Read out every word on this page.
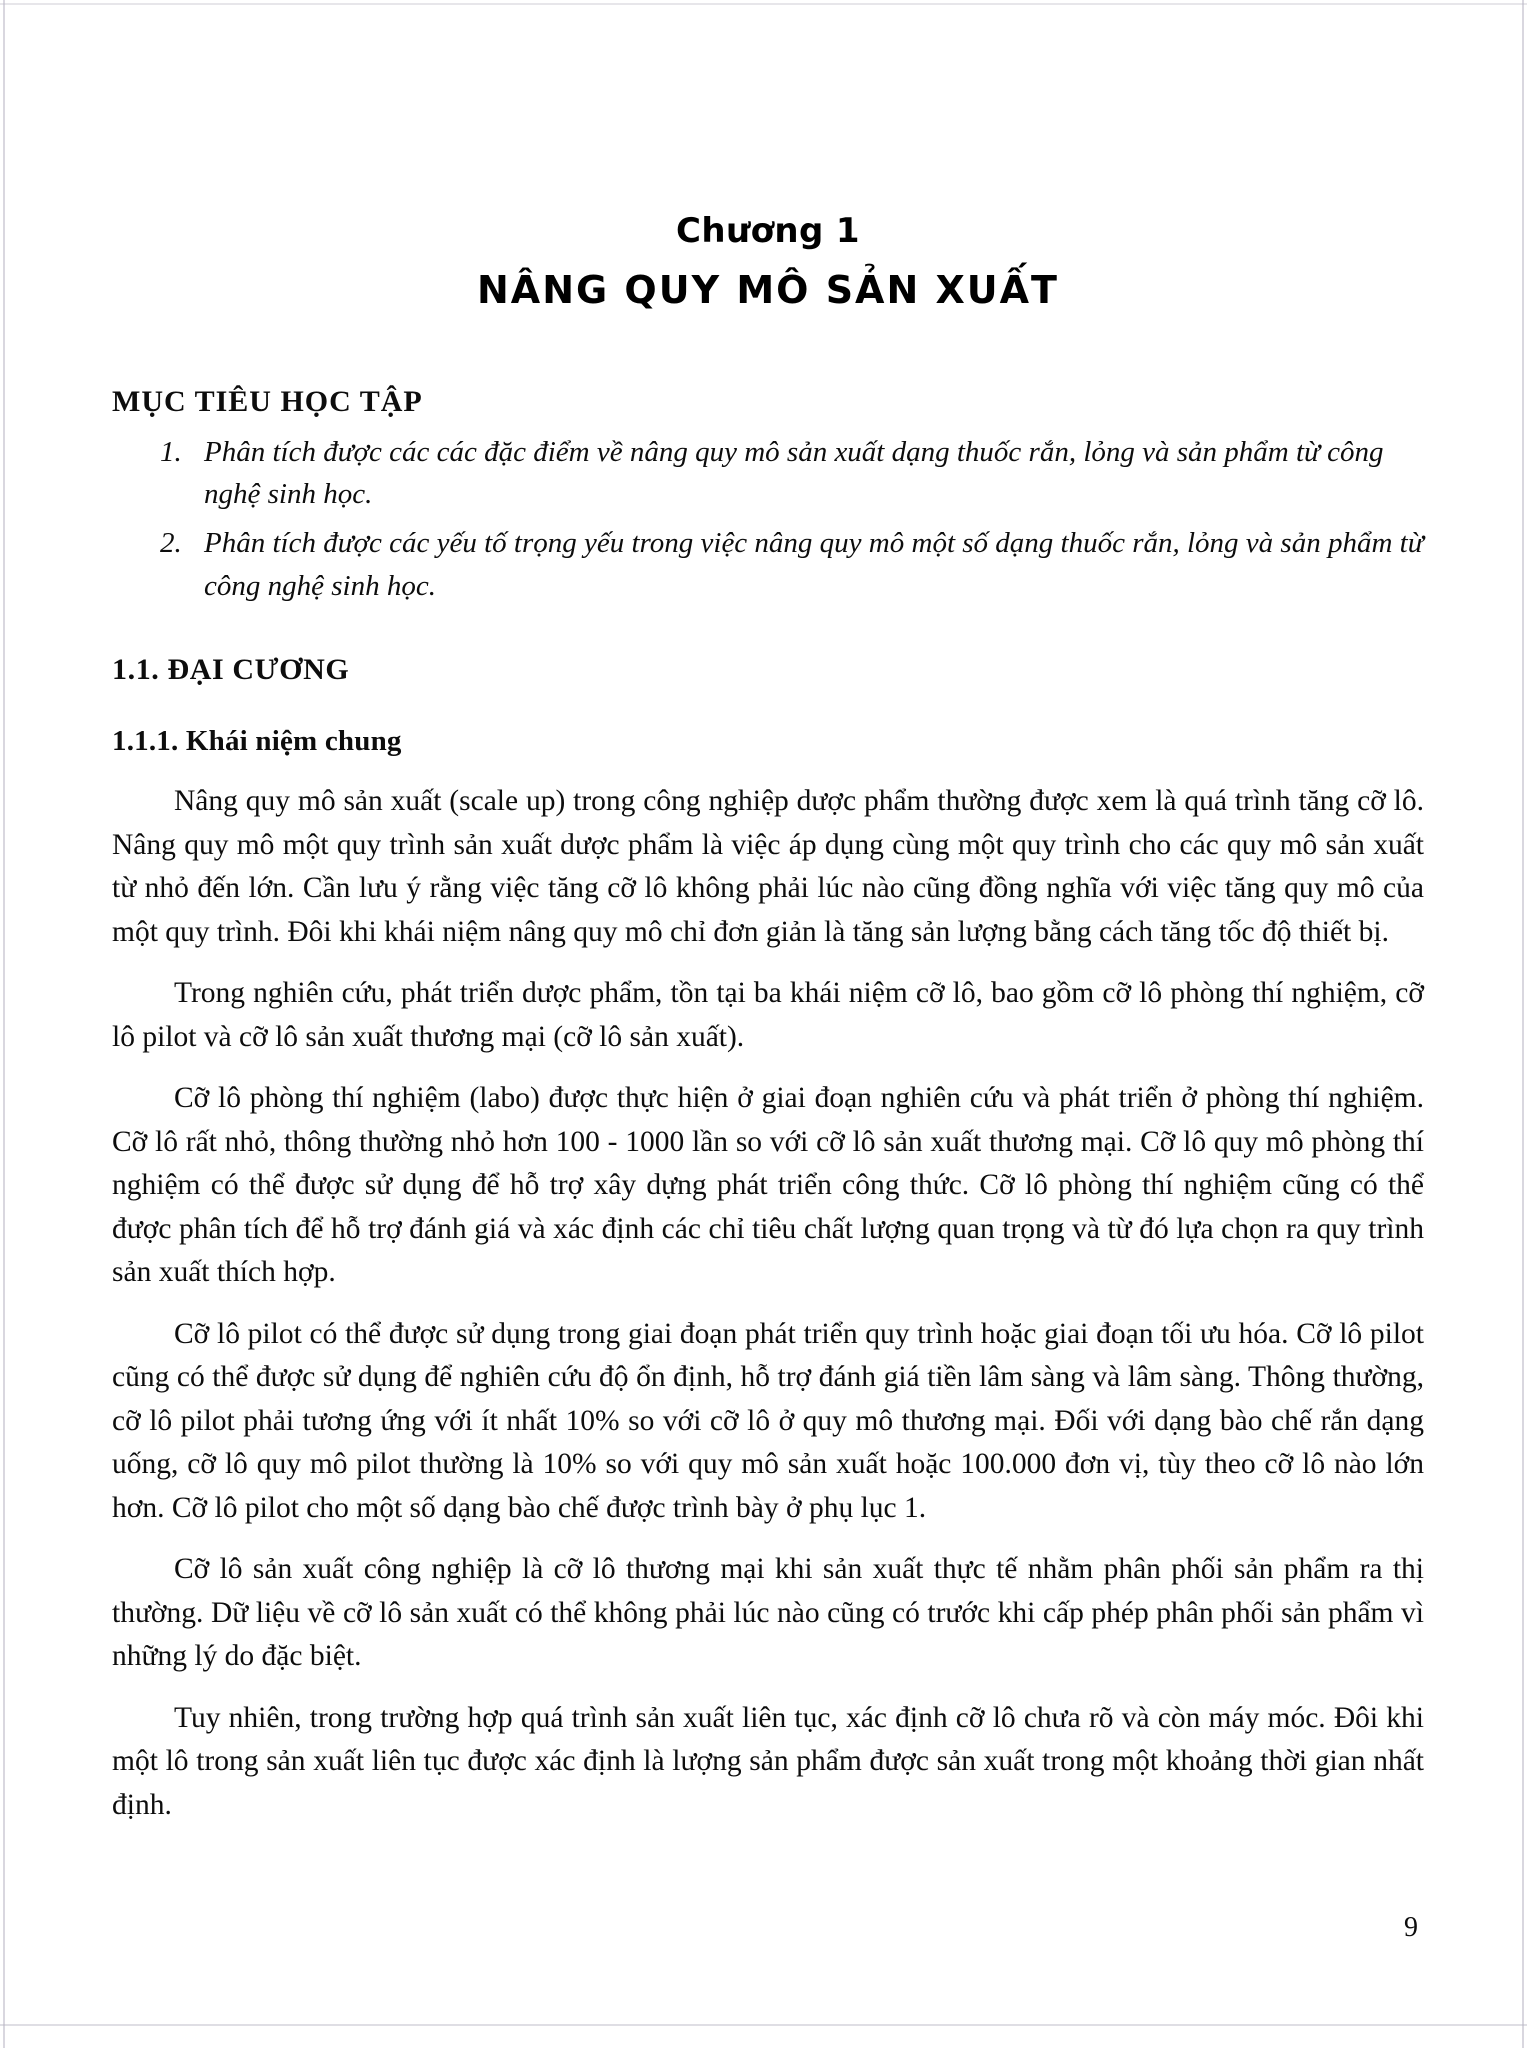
Chương 1
NÂNG QUY MÔ SẢN XUẤT
MỤC TIÊU HỌC TẬP
1. Phân tích được các các đặc điểm về nâng quy mô sản xuất dạng thuốc rắn, lỏng và sản phẩm từ công nghệ sinh học.
2. Phân tích được các yếu tố trọng yếu trong việc nâng quy mô một số dạng thuốc rắn, lỏng và sản phẩm từ công nghệ sinh học.
1.1. ĐẠI CƯƠNG
1.1.1. Khái niệm chung

Nâng quy mô sản xuất (scale up) trong công nghiệp dược phẩm thường được xem là quá trình tăng cỡ lô. Nâng quy mô một quy trình sản xuất dược phẩm là việc áp dụng cùng một quy trình cho các quy mô sản xuất từ nhỏ đến lớn. Cần lưu ý rằng việc tăng cỡ lô không phải lúc nào cũng đồng nghĩa với việc tăng quy mô của một quy trình. Đôi khi khái niệm nâng quy mô chỉ đơn giản là tăng sản lượng bằng cách tăng tốc độ thiết bị.

Trong nghiên cứu, phát triển dược phẩm, tồn tại ba khái niệm cỡ lô, bao gồm cỡ lô phòng thí nghiệm, cỡ lô pilot và cỡ lô sản xuất thương mại (cỡ lô sản xuất).

Cỡ lô phòng thí nghiệm (labo) được thực hiện ở giai đoạn nghiên cứu và phát triển ở phòng thí nghiệm. Cỡ lô rất nhỏ, thông thường nhỏ hơn 100 - 1000 lần so với cỡ lô sản xuất thương mại. Cỡ lô quy mô phòng thí nghiệm có thể được sử dụng để hỗ trợ xây dựng phát triển công thức. Cỡ lô phòng thí nghiệm cũng có thể được phân tích để hỗ trợ đánh giá và xác định các chỉ tiêu chất lượng quan trọng và từ đó lựa chọn ra quy trình sản xuất thích hợp.

Cỡ lô pilot có thể được sử dụng trong giai đoạn phát triển quy trình hoặc giai đoạn tối ưu hóa. Cỡ lô pilot cũng có thể được sử dụng để nghiên cứu độ ổn định, hỗ trợ đánh giá tiền lâm sàng và lâm sàng. Thông thường, cỡ lô pilot phải tương ứng với ít nhất 10% so với cỡ lô ở quy mô thương mại. Đối với dạng bào chế rắn dạng uống, cỡ lô quy mô pilot thường là 10% so với quy mô sản xuất hoặc 100.000 đơn vị, tùy theo cỡ lô nào lớn hơn. Cỡ lô pilot cho một số dạng bào chế được trình bày ở phụ lục 1.

Cỡ lô sản xuất công nghiệp là cỡ lô thương mại khi sản xuất thực tế nhằm phân phối sản phẩm ra thị thường. Dữ liệu về cỡ lô sản xuất có thể không phải lúc nào cũng có trước khi cấp phép phân phối sản phẩm vì những lý do đặc biệt.

Tuy nhiên, trong trường hợp quá trình sản xuất liên tục, xác định cỡ lô chưa rõ và còn máy móc. Đôi khi một lô trong sản xuất liên tục được xác định là lượng sản phẩm được sản xuất trong một khoảng thời gian nhất định.

9
